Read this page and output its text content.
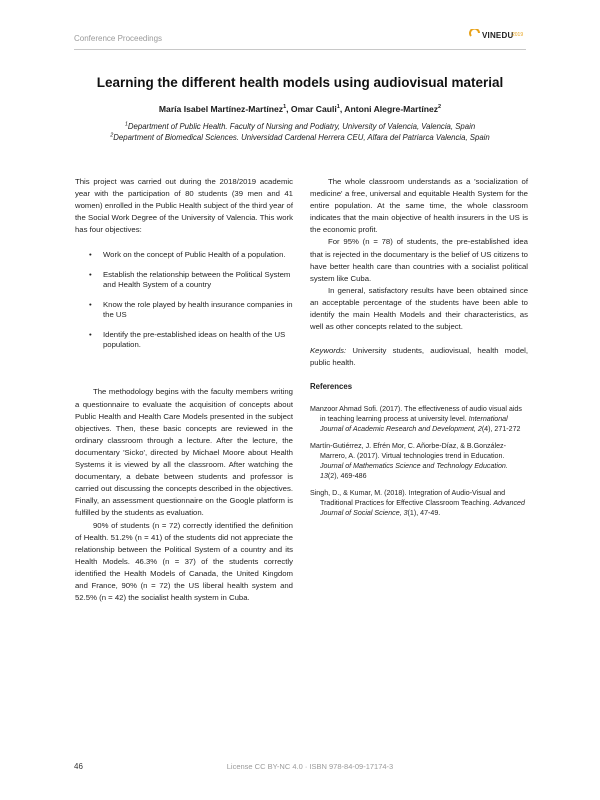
Conference Proceedings	VINEDU
2019
Learning the different health models using audiovisual material
María Isabel Martínez-Martínez$^1$, Omar Cauli$^1$, Antoni Alegre-Martínez$^2$
$^1$Department of Public Health. Faculty of Nursing and Podiatry, University of Valencia, Valencia, Spain
$^2$Department of Biomedical Sciences. Universidad Cardenal Herrera CEU, Alfara del Patriarca Valencia, Spain

This project was carried out during the 2018/2019 academic year with the participation of 80 students (39 men and 41 women) enrolled in the Public Health subject of the third year of the Social Work Degree of the University of Valencia. This work has four objectives:

• Work on the concept of Public Health of a population.
• Establish the relationship between the Political System and Health System of a country
• Know the role played by health insurance companies in the US
• Identify the pre-established ideas on health of the US population.

The methodology begins with the faculty members writing a questionnaire to evaluate the acquisition of concepts about Public Health and Health Care Models presented in the subject objectives. Then, these basic concepts are reviewed in the ordinary classroom through a lecture. After the lecture, the documentary 'Sicko', directed by Michael Moore about Health Systems it is viewed by all the classroom. After watching the documentary, a debate between students and professor is carried out discussing the concepts described in the objectives. Finally, an assessment questionnaire on the Google platform is fulfilled by the students as evaluation.

90% of students (n = 72) correctly identified the definition of Health. 51.2% (n = 41) of the students did not appreciate the relationship between the Political System of a country and its Health Models. 46.3% (n = 37) of the students correctly identified the Health Models of Canada, the United Kingdom and France, 90% (n = 72) the US liberal health system and 52.5% (n = 42) the socialist health system in Cuba.

The whole classroom understands as a 'socialization of medicine' a free, universal and equitable Health System for the entire population. At the same time, the whole classroom indicates that the main objective of health insurers in the US is the economic profit.

For 95% (n = 78) of students, the pre-established idea that is rejected in the documentary is the belief of US citizens to have better health care than countries with a socialist political system like Cuba.

In general, satisfactory results have been obtained since an acceptable percentage of the students have been able to identify the main Health Models and their characteristics, as well as other concepts related to the subject.

Keywords: University students, audiovisual, health model, public health.

References

Manzoor Ahmad Sofi. (2017). The effectiveness of audio visual aids in teaching learning process at university level. International Journal of Academic Research and Development, 2(4), 271-272
Martín-Gutiérrez, J. Efrén Mor, C. Añorbe-Díaz, & B.González-Marrero, A. (2017). Virtual technologies trend in Education. Journal of Mathematics Science and Technology Education. 13(2), 469-486
Singh, D., & Kumar, M. (2018). Integration of Audio-Visual and Traditional Practices for Effective Classroom Teaching. Advanced Journal of Social Science, 3(1), 47-49.
46	License CC BY-NC 4.0 · ISBN 978-84-09-17174-3
